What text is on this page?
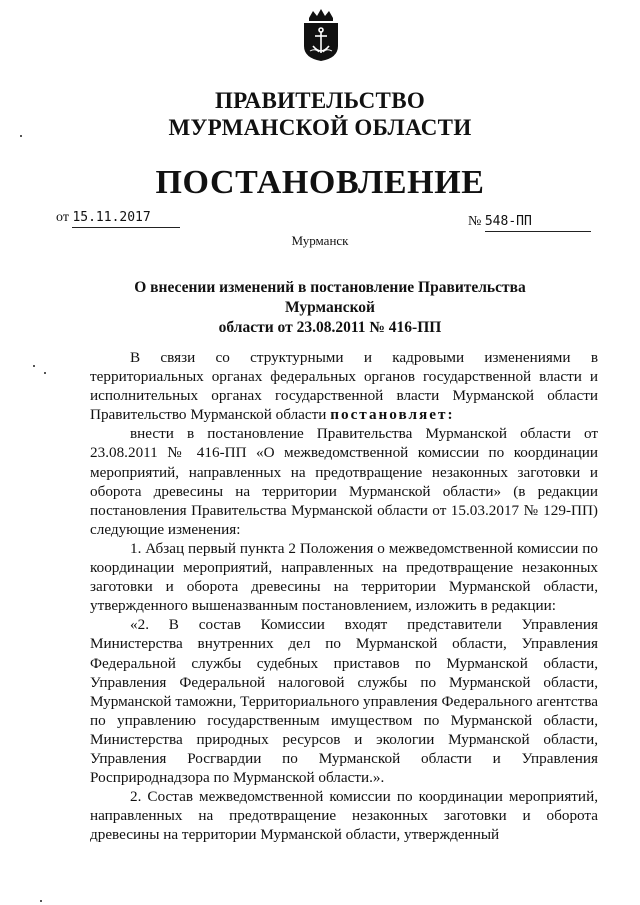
ПРАВИТЕЛЬСТВО
МУРМАНСКОЙ ОБЛАСТИ
ПОСТАНОВЛЕНИЕ
от 15.11.2017	№ 548-ПП
Мурманск
О внесении изменений в постановление Правительства Мурманской
области от 23.08.2011 № 416-ПП

В связи со структурными и кадровыми изменениями в территориальных органах федеральных органов государственной власти и исполнительных органах государственной власти Мурманской области Правительство Мурманской области постановляет:

внести в постановление Правительства Мурманской области от 23.08.2011 № 416-ПП «О межведомственной комиссии по координации мероприятий, направленных на предотвращение незаконных заготовки и оборота древесины на территории Мурманской области» (в редакции постановления Правительства Мурманской области от 15.03.2017 № 129-ПП) следующие изменения:

1. Абзац первый пункта 2 Положения о межведомственной комиссии по координации мероприятий, направленных на предотвращение незаконных заготовки и оборота древесины на территории Мурманской области, утвержденного вышеназванным постановлением, изложить в редакции:

«2. В состав Комиссии входят представители Управления Министерства внутренних дел по Мурманской области, Управления Федеральной службы судебных приставов по Мурманской области, Управления Федеральной налоговой службы по Мурманской области, Мурманской таможни, Территориального управления Федерального агентства по управлению государственным имуществом по Мурманской области, Министерства природных ресурсов и экологии Мурманской области, Управления Росгвардии по Мурманской области и Управления Росприроднадзора по Мурманской области.».

2. Состав межведомственной комиссии по координации мероприятий, направленных на предотвращение незаконных заготовки и оборота древесины на территории Мурманской области, утвержденный
